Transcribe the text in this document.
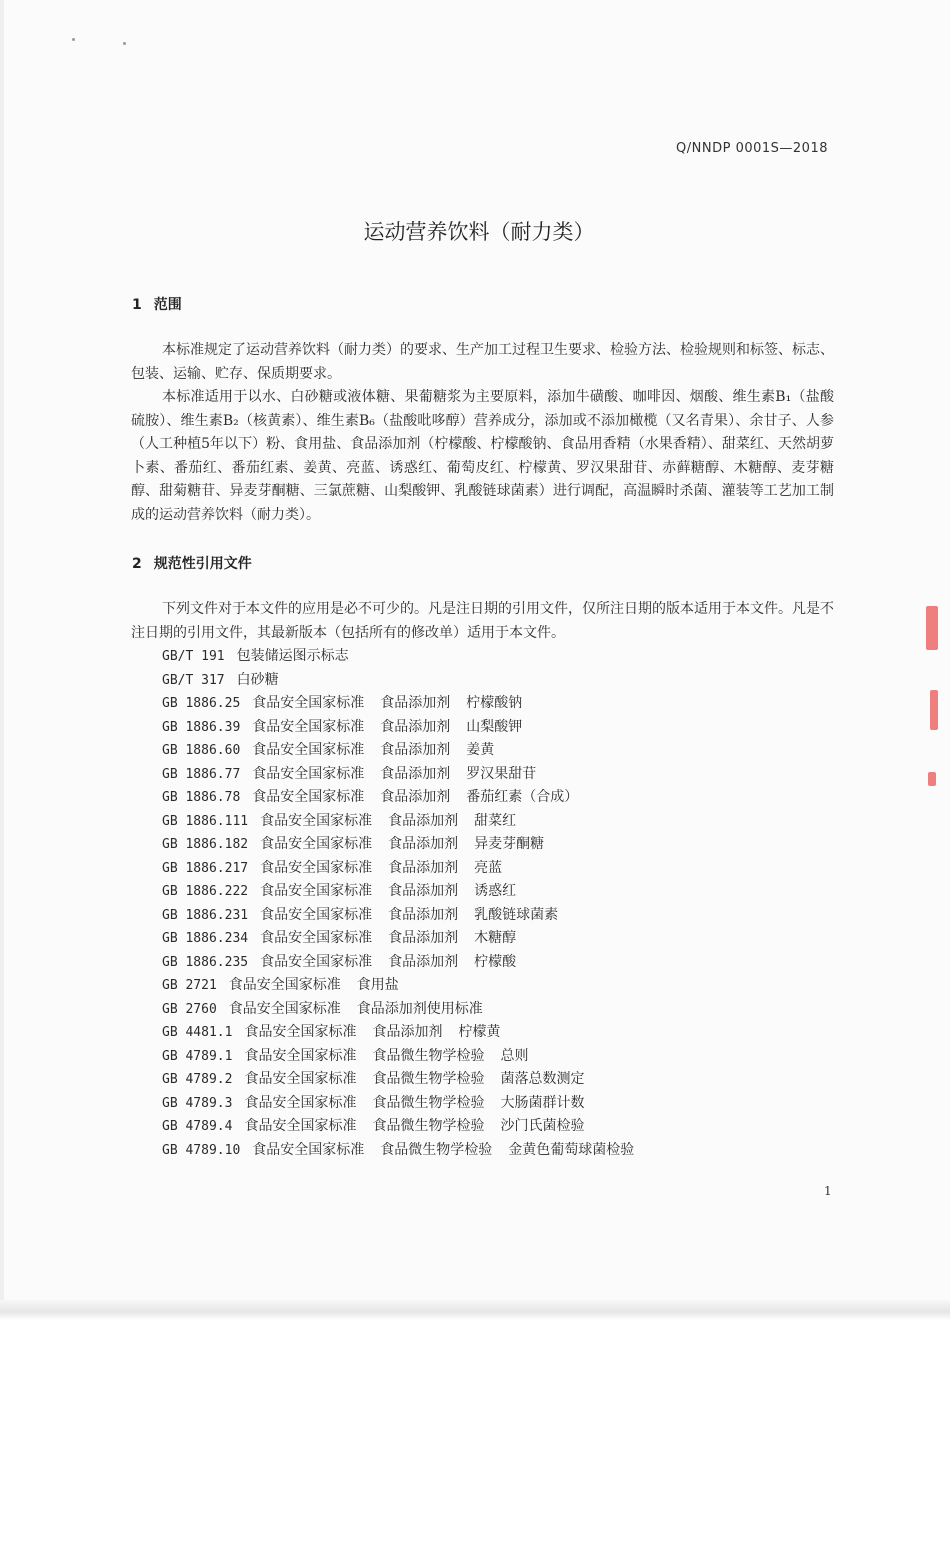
Q/NNDP 0001S—2018
运动营养饮料（耐力类）
1 范围
本标准规定了运动营养饮料（耐力类）的要求、生产加工过程卫生要求、检验方法、检验规则和标签、标志、包装、运输、贮存、保质期要求。
本标准适用于以水、白砂糖或液体糖、果葡糖浆为主要原料，添加牛磺酸、咖啡因、烟酸、维生素B₁（盐酸硫胺）、维生素B₂（核黄素）、维生素B₆（盐酸吡哆醇）营养成分，添加或不添加橄榄（又名青果）、余甘子、人参（人工种植5年以下）粉、食用盐、食品添加剂（柠檬酸、柠檬酸钠、食品用香精（水果香精）、甜菜红、天然胡萝卜素、番茄红、番茄红素、姜黄、亮蓝、诱惑红、葡萄皮红、柠檬黄、罗汉果甜苷、赤藓糖醇、木糖醇、麦芽糖醇、甜菊糖苷、异麦芽酮糖、三氯蔗糖、山梨酸钾、乳酸链球菌素）进行调配，高温瞬时杀菌、灌装等工艺加工制成的运动营养饮料（耐力类）。
2 规范性引用文件
下列文件对于本文件的应用是必不可少的。凡是注日期的引用文件，仅所注日期的版本适用于本文件。凡是不注日期的引用文件，其最新版本（包括所有的修改单）适用于本文件。
GB/T 191 包装储运图示标志
GB/T 317 白砂糖
GB 1886.25 食品安全国家标准 食品添加剂 柠檬酸钠
GB 1886.39 食品安全国家标准 食品添加剂 山梨酸钾
GB 1886.60 食品安全国家标准 食品添加剂 姜黄
GB 1886.77 食品安全国家标准 食品添加剂 罗汉果甜苷
GB 1886.78 食品安全国家标准 食品添加剂 番茄红素（合成）
GB 1886.111 食品安全国家标准 食品添加剂 甜菜红
GB 1886.182 食品安全国家标准 食品添加剂 异麦芽酮糖
GB 1886.217 食品安全国家标准 食品添加剂 亮蓝
GB 1886.222 食品安全国家标准 食品添加剂 诱惑红
GB 1886.231 食品安全国家标准 食品添加剂 乳酸链球菌素
GB 1886.234 食品安全国家标准 食品添加剂 木糖醇
GB 1886.235 食品安全国家标准 食品添加剂 柠檬酸
GB 2721 食品安全国家标准 食用盐
GB 2760 食品安全国家标准 食品添加剂使用标准
GB 4481.1 食品安全国家标准 食品添加剂 柠檬黄
GB 4789.1 食品安全国家标准 食品微生物学检验 总则
GB 4789.2 食品安全国家标准 食品微生物学检验 菌落总数测定
GB 4789.3 食品安全国家标准 食品微生物学检验 大肠菌群计数
GB 4789.4 食品安全国家标准 食品微生物学检验 沙门氏菌检验
GB 4789.10 食品安全国家标准 食品微生物学检验 金黄色葡萄球菌检验
1
